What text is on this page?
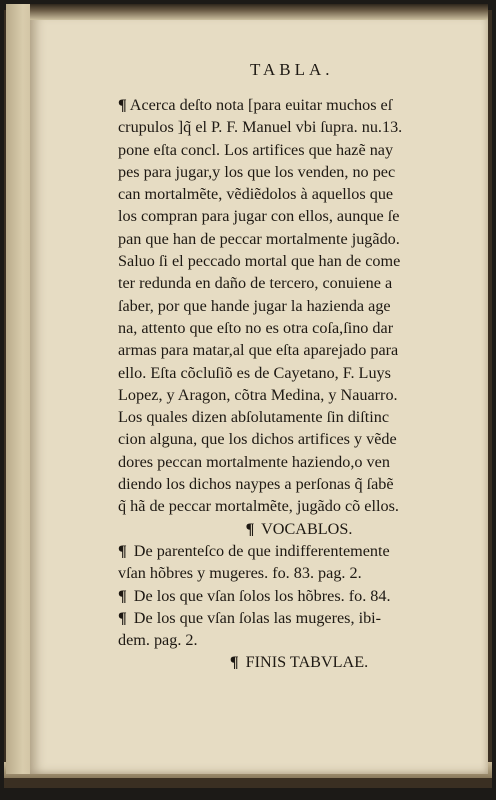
TABLA.
¶ Acerca deſto nota [para euitar muchos eſ
crupulos ]q̃ el P. F. Manuel vbi ſupra. nu.13.
pone eſta concl. Los artifices que hazẽ nay
pes para jugar,y los que los venden, no pec
can mortalmẽte, vẽdiẽdolos à aquellos que
los compran para jugar con ellos, aunque ſe
pan que han de peccar mortalmente jugãdo.
Saluo ſi el peccado mortal que han de come
ter redunda en daño de tercero, conuiene a
ſaber, por que hande jugar la hazienda age
na, attento que eſto no es otra coſa,ſino dar
armas para matar,al que eſta aparejado para
ello. Eſta cõcluſiõ es de Cayetano, F. Luys
Lopez, y Aragon, cõtra Medina, y Nauarro.
Los quales dizen abſolutamente ſin diſtinc
cion alguna, que los dichos artifices y vẽde
dores peccan mortalmente haziendo,o ven
diendo los dichos naypes a perſonas q̃ ſabẽ
q̃ hã de peccar mortalmẽte, jugãdo cõ ellos.
¶ VOCABLOS.
¶ De parenteſco de que indifferentemente
vſan hõbres y mugeres. fo. 83. pag. 2.
¶ De los que vſan ſolos los hõbres. fo. 84.
¶ De los que vſan ſolas las mugeres, ibi-
dem. pag. 2.
¶ FINIS TABVLAE.
